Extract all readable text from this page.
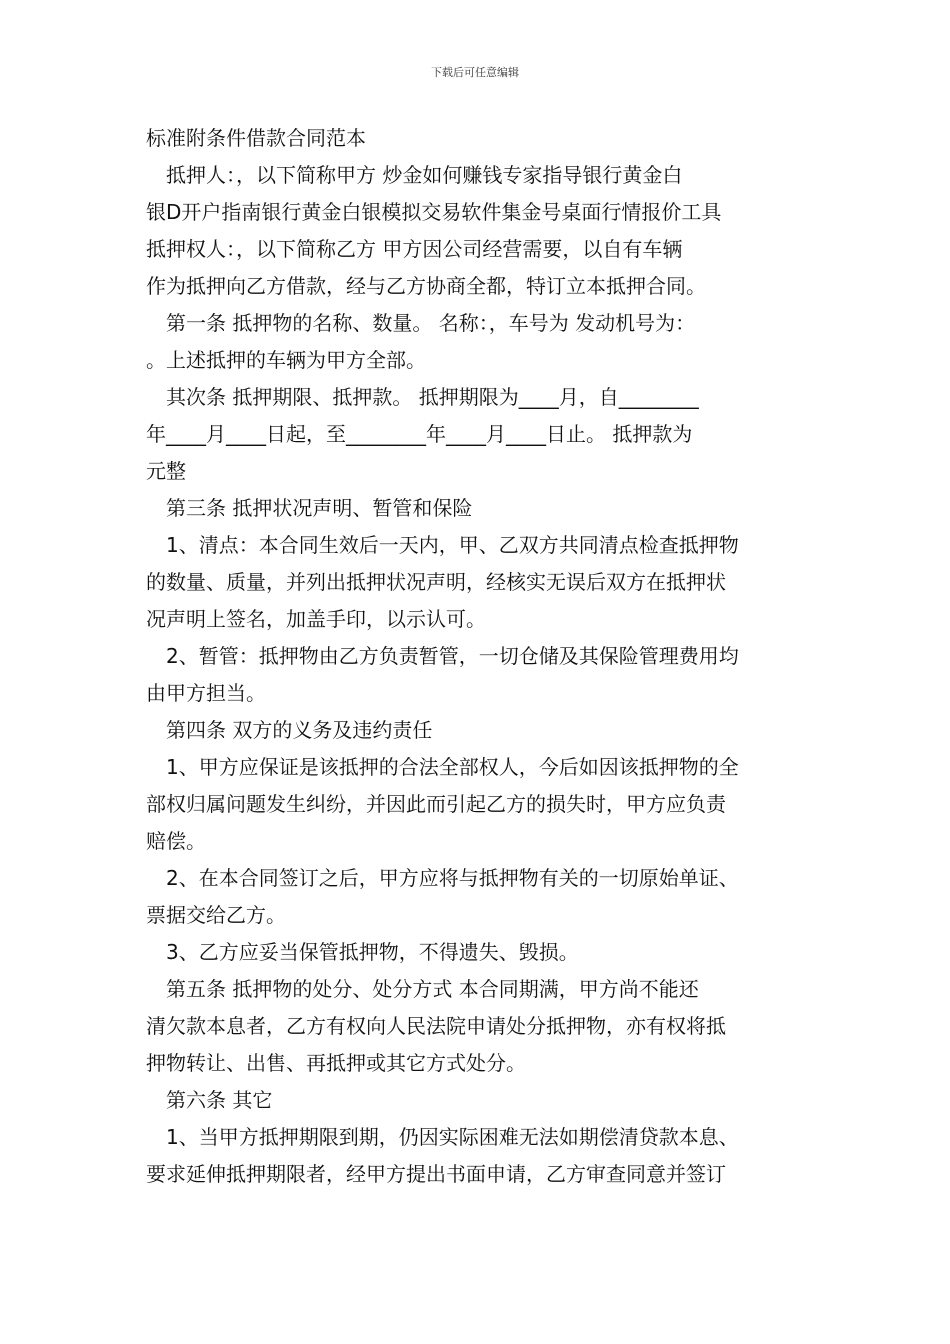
下载后可任意编辑
标准附条件借款合同范本
抵押人：，以下简称甲方 炒金如何赚钱专家指导银行黄金白
银D开户指南银行黄金白银模拟交易软件集金号桌面行情报价工具
抵押权人：，以下简称乙方 甲方因公司经营需要，以自有车辆
作为抵押向乙方借款，经与乙方协商全都，特订立本抵押合同。
第一条 抵押物的名称、数量。 名称：，车号为 发动机号为：
。上述抵押的车辆为甲方全部。
其次条 抵押期限、抵押款。 抵押期限为____月，自________
年____月____日起，至________年____月____日止。 抵押款为
元整
第三条 抵押状况声明、暂管和保险
1、清点：本合同生效后一天内，甲、乙双方共同清点检查抵押物
的数量、质量，并列出抵押状况声明，经核实无误后双方在抵押状
况声明上签名，加盖手印，以示认可。
2、暂管：抵押物由乙方负责暂管，一切仓储及其保险管理费用均
由甲方担当。
第四条 双方的义务及违约责任
1、甲方应保证是该抵押的合法全部权人，今后如因该抵押物的全
部权归属问题发生纠纷，并因此而引起乙方的损失时，甲方应负责
赔偿。
2、在本合同签订之后，甲方应将与抵押物有关的一切原始单证、
票据交给乙方。
3、乙方应妥当保管抵押物，不得遗失、毁损。
第五条 抵押物的处分、处分方式 本合同期满，甲方尚不能还
清欠款本息者，乙方有权向人民法院申请处分抵押物，亦有权将抵
押物转让、出售、再抵押或其它方式处分。
第六条 其它
1、当甲方抵押期限到期，仍因实际困难无法如期偿清贷款本息、
要求延伸抵押期限者，经甲方提出书面申请，乙方审查同意并签订
